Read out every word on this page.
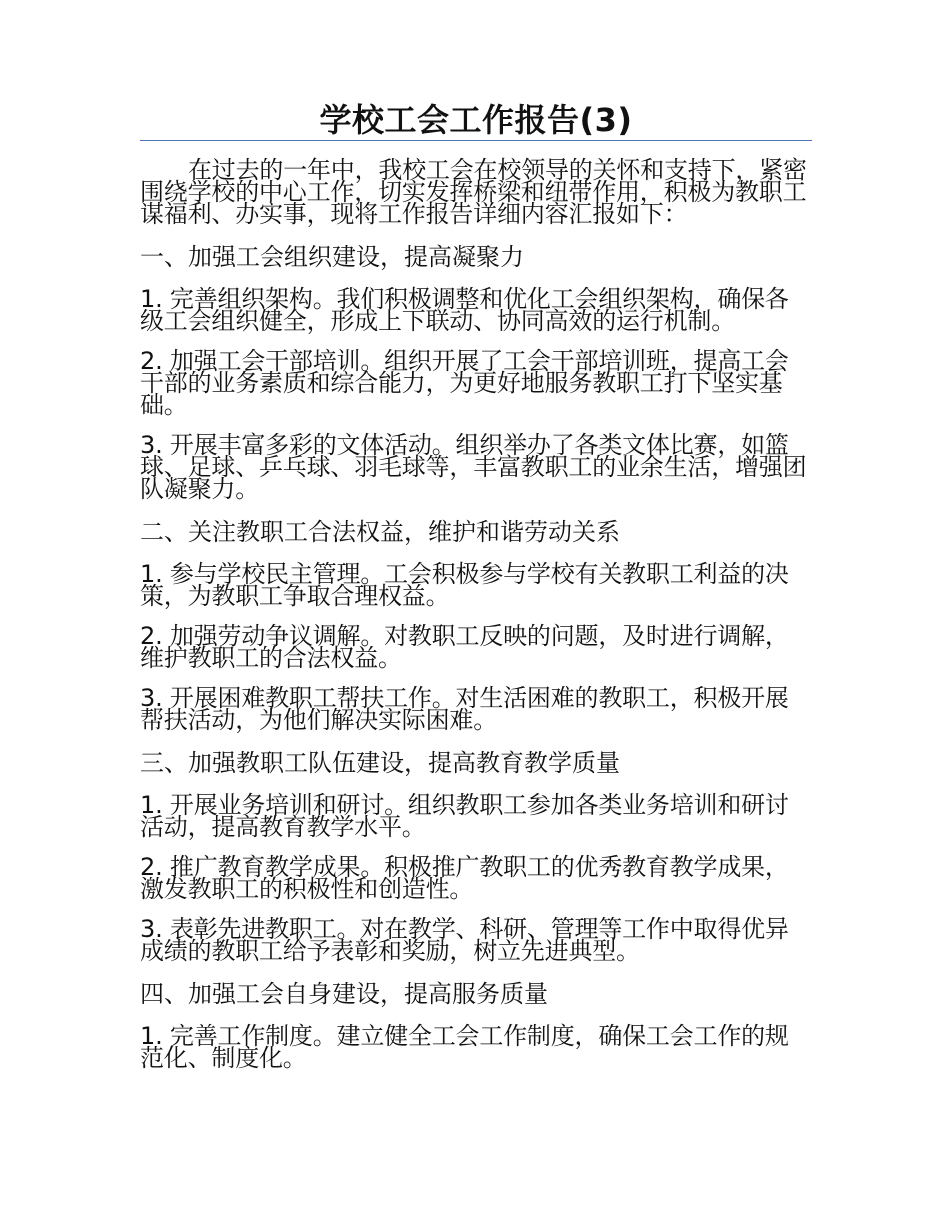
学校工会工作报告(3)

在过去的一年中，我校工会在校领导的关怀和支持下，紧密围绕学校的中心工作，切实发挥桥梁和纽带作用，积极为教职工谋福利、办实事，现将工作报告详细内容汇报如下：

一、加强工会组织建设，提高凝聚力

1. 完善组织架构。我们积极调整和优化工会组织架构，确保各级工会组织健全，形成上下联动、协同高效的运行机制。

2. 加强工会干部培训。组织开展了工会干部培训班，提高工会干部的业务素质和综合能力，为更好地服务教职工打下坚实基础。

3. 开展丰富多彩的文体活动。组织举办了各类文体比赛，如篮球、足球、乒乓球、羽毛球等，丰富教职工的业余生活，增强团队凝聚力。

二、关注教职工合法权益，维护和谐劳动关系

1. 参与学校民主管理。工会积极参与学校有关教职工利益的决策，为教职工争取合理权益。

2. 加强劳动争议调解。对教职工反映的问题，及时进行调解，维护教职工的合法权益。

3. 开展困难教职工帮扶工作。对生活困难的教职工，积极开展帮扶活动，为他们解决实际困难。

三、加强教职工队伍建设，提高教育教学质量

1. 开展业务培训和研讨。组织教职工参加各类业务培训和研讨活动，提高教育教学水平。

2. 推广教育教学成果。积极推广教职工的优秀教育教学成果，激发教职工的积极性和创造性。

3. 表彰先进教职工。对在教学、科研、管理等工作中取得优异成绩的教职工给予表彰和奖励，树立先进典型。

四、加强工会自身建设，提高服务质量

1. 完善工作制度。建立健全工会工作制度，确保工会工作的规范化、制度化。
